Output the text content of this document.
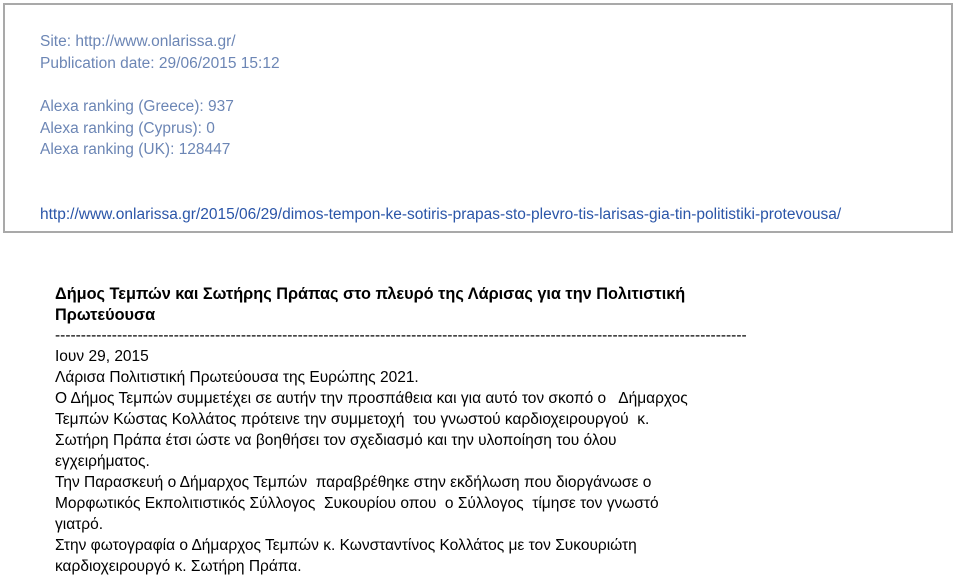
Site: http://www.onlarissa.gr/
Publication date: 29/06/2015 15:12
Alexa ranking (Greece): 937
Alexa ranking (Cyprus): 0
Alexa ranking (UK): 128447
http://www.onlarissa.gr/2015/06/29/dimos-tempon-ke-sotiris-prapas-sto-plevro-tis-larisas-gia-tin-politistiki-protevousa/
Δήμος Τεμπών και Σωτήρης Πράπας στο πλευρό της Λάρισας για την Πολιτιστική
Πρωτεύουσα
--------------------------------------------------------------------------------------------------------------------------------------
Ιουν 29, 2015
Λάρισα Πολιτιστική Πρωτεύουσα της Ευρώπης 2021.
Ο Δήμος Τεμπών συμμετέχει σε αυτήν την προσπάθεια και για αυτό τον σκοπό ο   Δήμαρχος
Τεμπών Κώστας Κολλάτος πρότεινε την συμμετοχή  του γνωστού καρδιοχειρουργού  κ.
Σωτήρη Πράπα έτσι ώστε να βοηθήσει τον σχεδιασμό και την υλοποίηση του όλου
εγχειρήματος.
Την Παρασκευή ο Δήμαρχος Τεμπών  παραβρέθηκε στην εκδήλωση που διοργάνωσε ο
Μορφωτικός Εκπολιτιστικός Σύλλογος  Συκουρίου οπου  ο Σύλλογος  τίμησε τον γνωστό
γιατρό.
Στην φωτογραφία ο Δήμαρχος Τεμπών κ. Κωνσταντίνος Κολλάτος με τον Συκουριώτη
καρδιοχειρουργό κ. Σωτήρη Πράπα.
